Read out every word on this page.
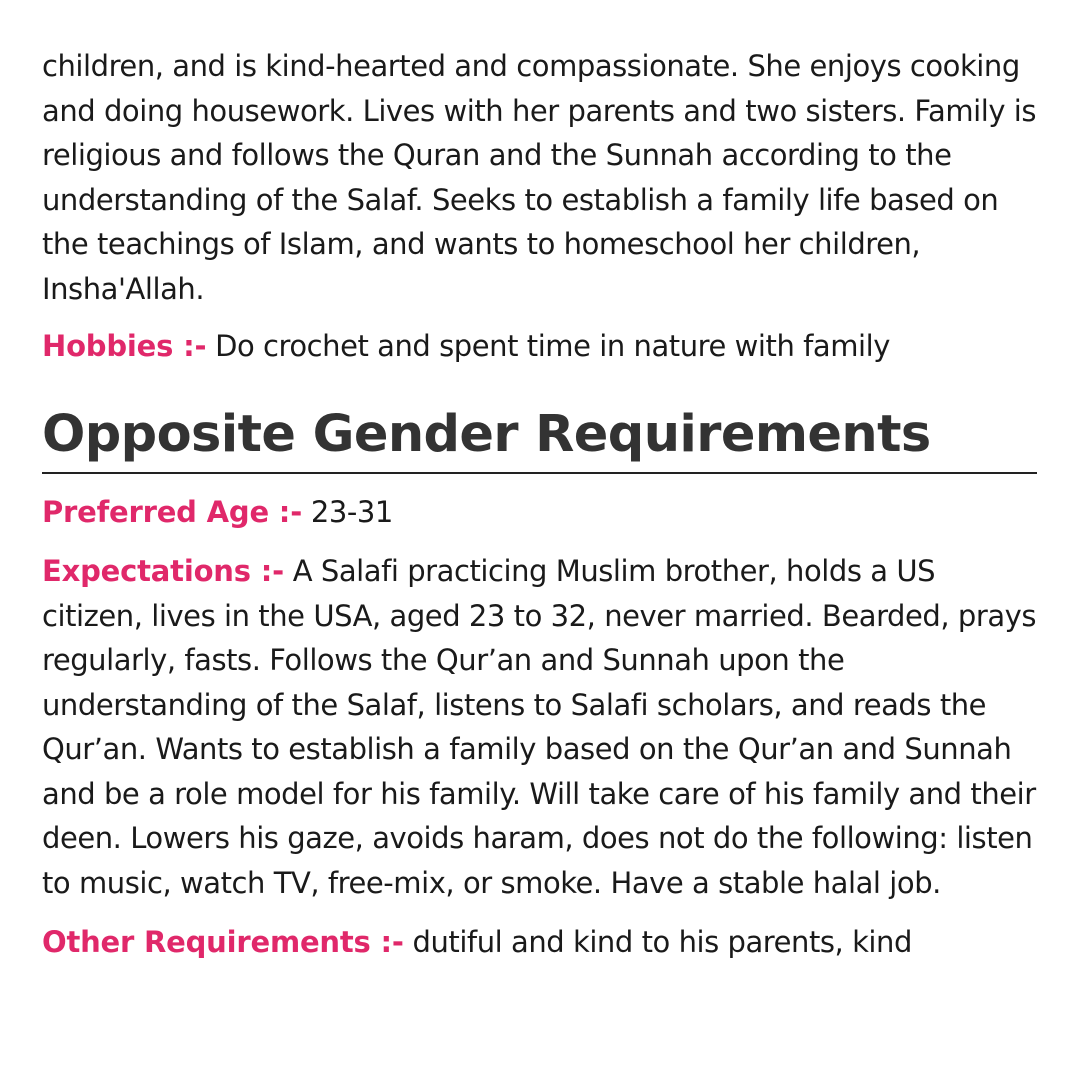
children, and is kind-hearted and compassionate. She enjoys cooking and doing housework. Lives with her parents and two sisters. Family is religious and follows the Quran and the Sunnah according to the understanding of the Salaf. Seeks to establish a family life based on the teachings of Islam, and wants to homeschool her children, Insha'Allah.

Hobbies :- Do crochet and spent time in nature with family

Opposite Gender Requirements

Preferred Age :- 23-31

Expectations :- A Salafi practicing Muslim brother, holds a US citizen, lives in the USA, aged 23 to 32, never married. Bearded, prays regularly, fasts. Follows the Qur’an and Sunnah upon the understanding of the Salaf, listens to Salafi scholars, and reads the Qur’an. Wants to establish a family based on the Qur’an and Sunnah and be a role model for his family. Will take care of his family and their deen. Lowers his gaze, avoids haram, does not do the following: listen to music, watch TV, free-mix, or smoke. Have a stable halal job.

Other Requirements :- dutiful and kind to his parents, kind
